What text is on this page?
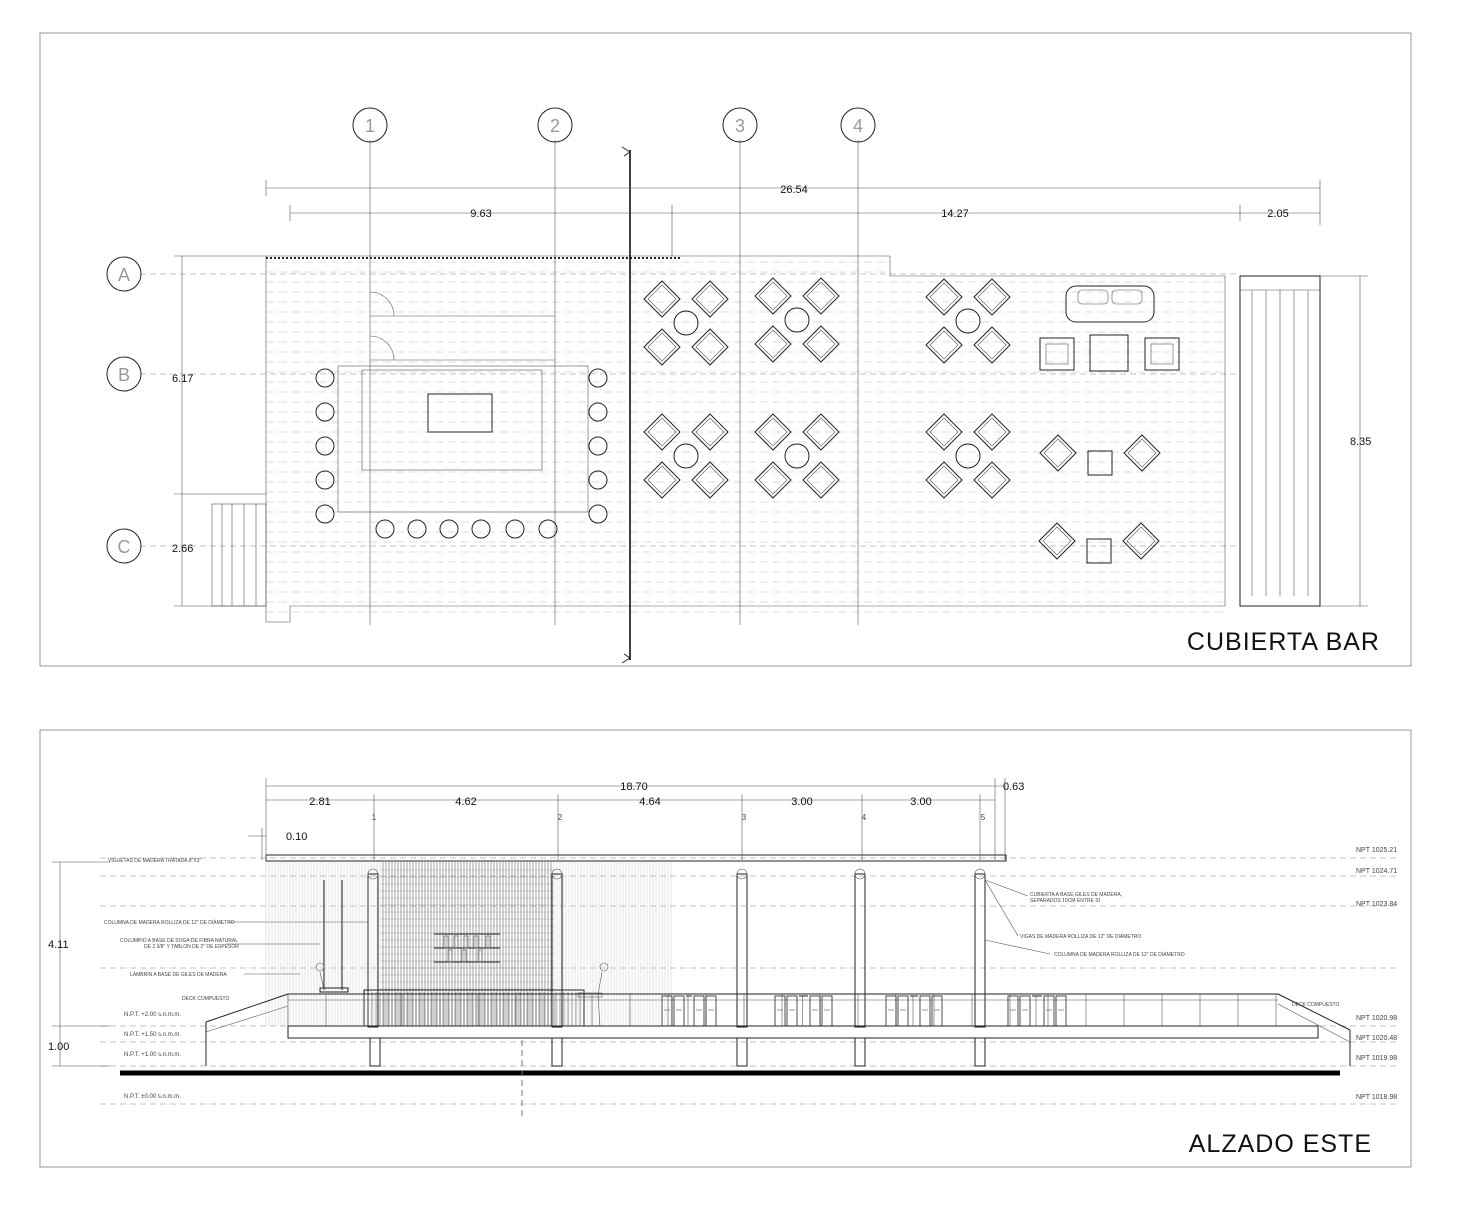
1	2	3	4
A
B
C
26.54
9.63	14.27	2.05
6.17
2.66
8.35
CUBIERTA BAR
18.70	0.63
2.81	4.62	4.64	3.00	3.00
0.10
1	2	3	4	5
4.11
1.00
NPT 1025.21
NPT 1024.71
NPT 1023.84
NPT 1020.98
NPT 1020.48
NPT 1019.98
NPT 1018.98
N.P.T. +2.00 s.n.m.m.
N.P.T. +1.50 s.n.m.m.
N.P.T. +1.00 s.n.m.m.
N.P.T. ±0.00 s.n.m.m.
VIGUETAS DE MADERA TRATADA 8"X3"
COLUMNA DE MADERA ROLLIZA DE 12" DE DIÁMETRO
COLUMPIO A BASE DE SOGA DE FIBRA NATURAL
DE 2 3/8" Y TABLON DE 2" DE ESPESOR
LAMBRIN A BASE DE GILES DE MADERA
DECK COMPUESTO
CUBIERTA A BASE GILES DE MADERA,
SEPARADOS 10CM ENTRE SÍ
VIGAS DE MADERA ROLLIZA DE 12" DE DIÁMETRO
COLUMNA DE MADERA ROLLIZA DE 12" DE DIÁMETRO
DECK COMPUESTO
ALZADO ESTE
